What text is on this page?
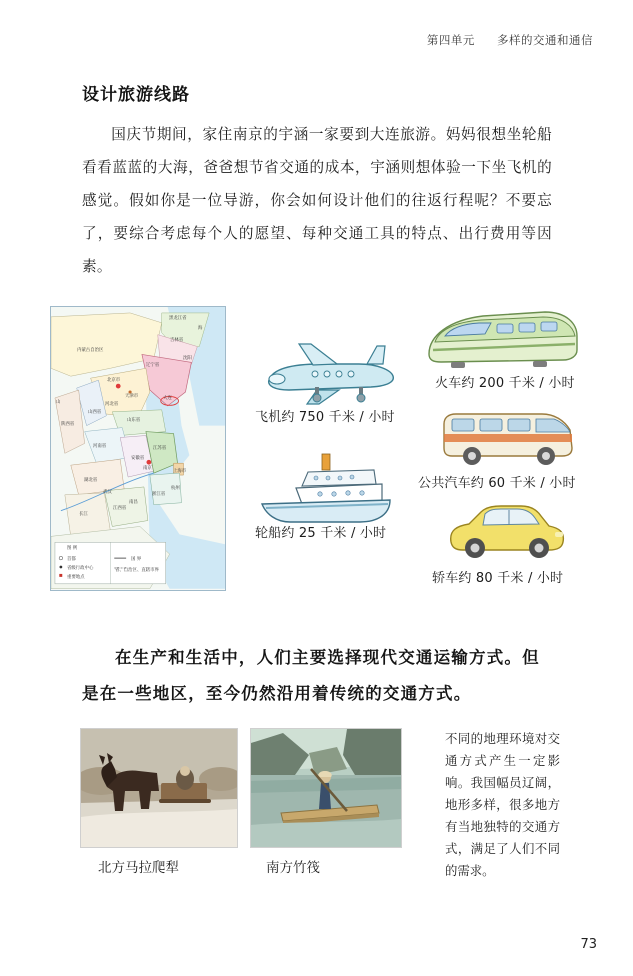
第四单元 多样的交通和通信
设计旅游线路
国庆节期间，家住南京的宇涵一家要到大连旅游。妈妈很想坐轮船看看蓝蓝的大海，爸爸想节省交通的成本，宇涵则想体验一下坐飞机的感觉。假如你是一位导游，你会如何设计他们的往返行程呢？不要忘了，要综合考虑每个人的愿望、每种交通工具的特点、出行费用等因素。
内蒙古自治区
黑龙江省
吉林省
辽宁省
沈阳
大连
北京市
天津市
河北省
山西省
山东省
河南省
安徽省
江苏省
南京
上海市
浙江省
杭州
湖北省
武汉
江西省
南昌
陕西省
山
海
长江
图 例
首都
省级行政中心
重要地点
国 界
省、自治区、直辖市界
飞机约 750 千米 / 小时
火车约 200 千米 / 小时
公共汽车约 60 千米 / 小时
轮船约 25 千米 / 小时
轿车约 80 千米 / 小时
在生产和生活中，人们主要选择现代交通运输方式。但是在一些地区，至今仍然沿用着传统的交通方式。
北方马拉爬犁	南方竹筏
不同的地理环境对交通方式产生一定影响。我国幅员辽阔，地形多样，很多地方有当地独特的交通方式，满足了人们不同的需求。
73
